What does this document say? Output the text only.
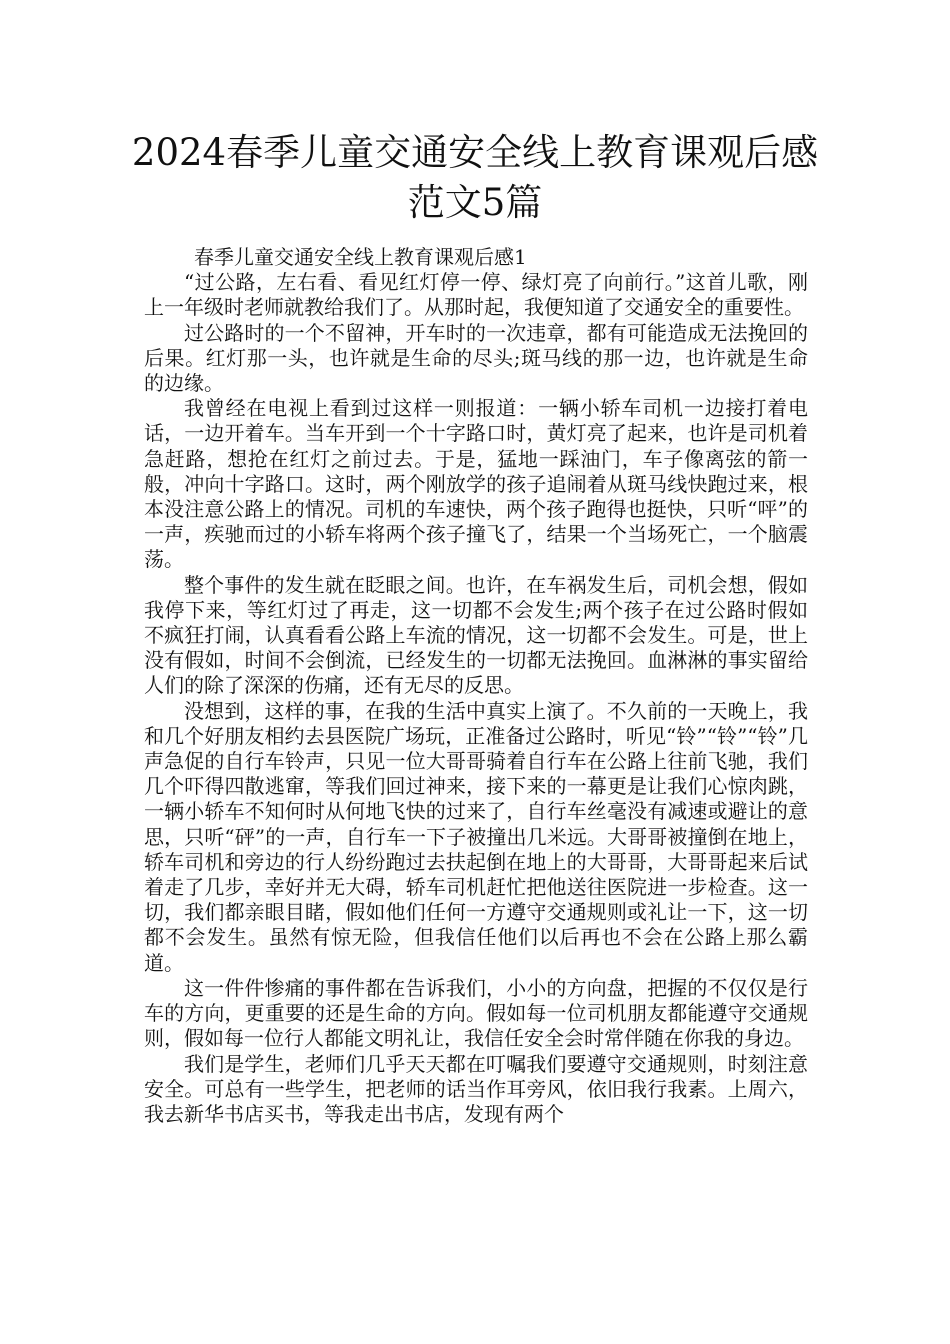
2024春季儿童交通安全线上教育课观后感
范文5篇

春季儿童交通安全线上教育课观后感1

“过公路，左右看、看见红灯停一停、绿灯亮了向前行。”这首儿歌，刚上一年级时老师就教给我们了。从那时起，我便知道了交通安全的重要性。

过公路时的一个不留神，开车时的一次违章，都有可能造成无法挽回的后果。红灯那一头，也许就是生命的尽头;斑马线的那一边，也许就是生命的边缘。

我曾经在电视上看到过这样一则报道：一辆小轿车司机一边接打着电话，一边开着车。当车开到一个十字路口时，黄灯亮了起来，也许是司机着急赶路，想抢在红灯之前过去。于是，猛地一踩油门，车子像离弦的箭一般，冲向十字路口。这时，两个刚放学的孩子追闹着从斑马线快跑过来，根本没注意公路上的情况。司机的车速快，两个孩子跑得也挺快，只听“呯”的一声，疾驰而过的小轿车将两个孩子撞飞了，结果一个当场死亡，一个脑震荡。

整个事件的发生就在眨眼之间。也许，在车祸发生后，司机会想，假如我停下来，等红灯过了再走，这一切都不会发生;两个孩子在过公路时假如不疯狂打闹，认真看看公路上车流的情况，这一切都不会发生。可是，世上没有假如，时间不会倒流，已经发生的一切都无法挽回。血淋淋的事实留给人们的除了深深的伤痛，还有无尽的反思。

没想到，这样的事，在我的生活中真实上演了。不久前的一天晚上，我和几个好朋友相约去县医院广场玩，正准备过公路时，听见“铃”“铃”“铃”几声急促的自行车铃声，只见一位大哥哥骑着自行车在公路上往前飞驰，我们几个吓得四散逃窜，等我们回过神来，接下来的一幕更是让我们心惊肉跳，一辆小轿车不知何时从何地飞快的过来了，自行车丝毫没有减速或避让的意思，只听“砰”的一声，自行车一下子被撞出几米远。大哥哥被撞倒在地上，轿车司机和旁边的行人纷纷跑过去扶起倒在地上的大哥哥，大哥哥起来后试着走了几步，幸好并无大碍，轿车司机赶忙把他送往医院进一步检查。这一切，我们都亲眼目睹，假如他们任何一方遵守交通规则或礼让一下，这一切都不会发生。虽然有惊无险，但我信任他们以后再也不会在公路上那么霸道。

这一件件惨痛的事件都在告诉我们，小小的方向盘，把握的不仅仅是行车的方向，更重要的还是生命的方向。假如每一位司机朋友都能遵守交通规则，假如每一位行人都能文明礼让，我信任安全会时常伴随在你我的身边。

我们是学生，老师们几乎天天都在叮嘱我们要遵守交通规则，时刻注意安全。可总有一些学生，把老师的话当作耳旁风，依旧我行我素。上周六，我去新华书店买书，等我走出书店，发现有两个
